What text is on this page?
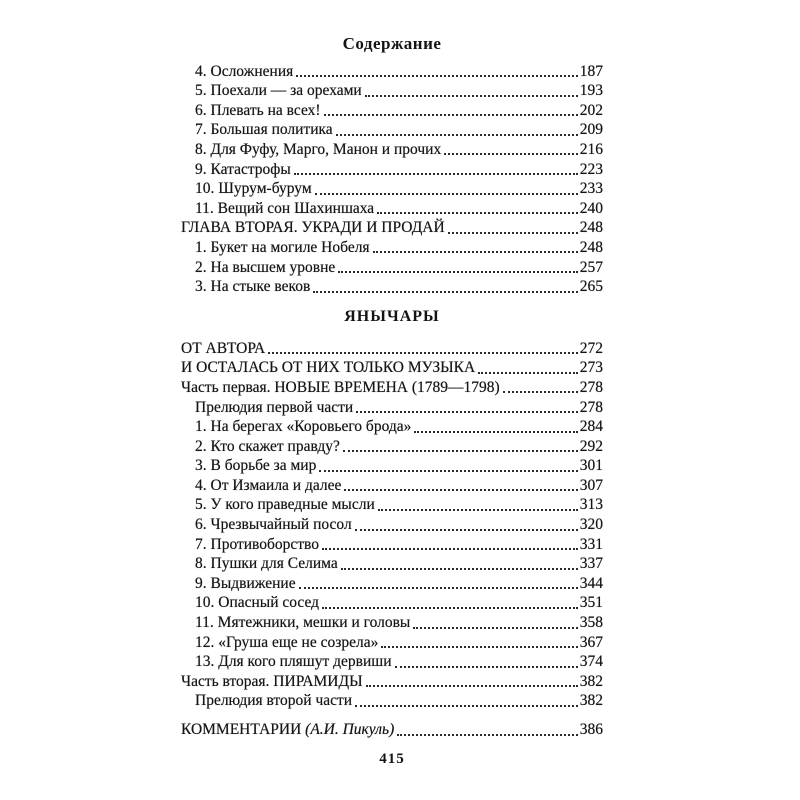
Содержание
4. Осложнения	187
5. Поехали — за орехами	193
6. Плевать на всех!	202
7. Большая политика	209
8. Для Фуфу, Марго, Манон и прочих	216
9. Катастрофы	223
10. Шурум-бурум	233
11. Вещий сон Шахиншаха	240
ГЛАВА ВТОРАЯ. УКРАДИ И ПРОДАЙ	248
1. Букет на могиле Нобеля	248
2. На высшем уровне	257
3. На стыке веков	265
ЯНЫЧАРЫ
ОТ АВТОРА	272
И ОСТАЛАСЬ ОТ НИХ ТОЛЬКО МУЗЫКА	273
Часть первая. НОВЫЕ ВРЕМЕНА (1789—1798)	278
Прелюдия первой части	278
1. На берегах «Коровьего брода»	284
2. Кто скажет правду?	292
3. В борьбе за мир	301
4. От Измаила и далее	307
5. У кого праведные мысли	313
6. Чрезвычайный посол	320
7. Противоборство	331
8. Пушки для Селима	337
9. Выдвижение	344
10. Опасный сосед	351
11. Мятежники, мешки и головы	358
12. «Груша еще не созрела»	367
13. Для кого пляшут дервиши	374
Часть вторая. ПИРАМИДЫ	382
Прелюдия второй части	382
КОММЕНТАРИИ (А.И. Пикуль)	386
415
